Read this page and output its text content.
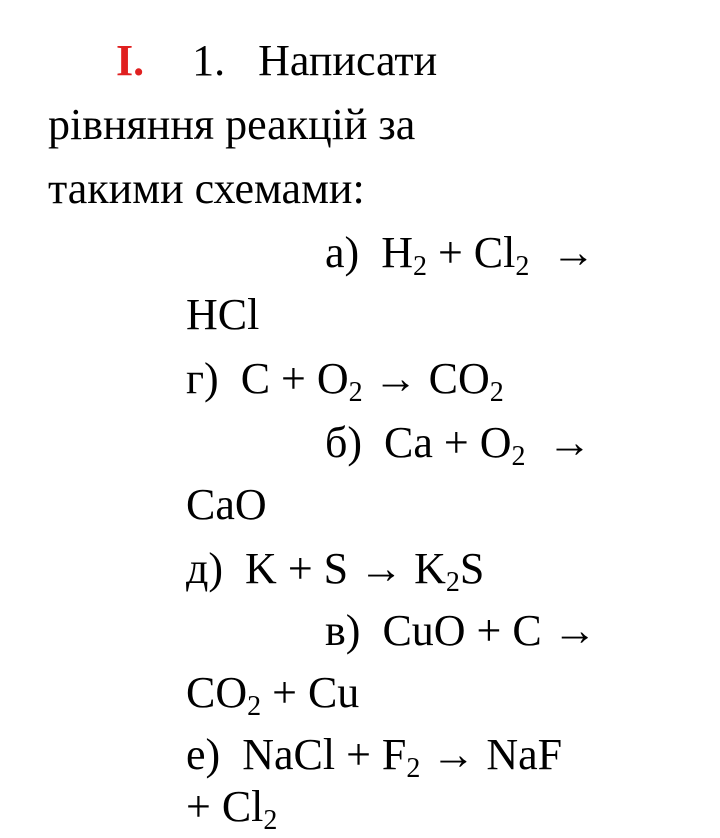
I. 1. Написати
рівняння реакцій за
такими схемами:
а) $H_2 + Cl_2$ →
HCl
г) $C + O_2 \to CO_2$
б) $Ca + O_2$ →
CaO
д) $K + S \to K_2S$
в) CuO + C →
$CO_2 + Cu$
е) NaCl + $F_2$ → NaF
+ $Cl_2$
